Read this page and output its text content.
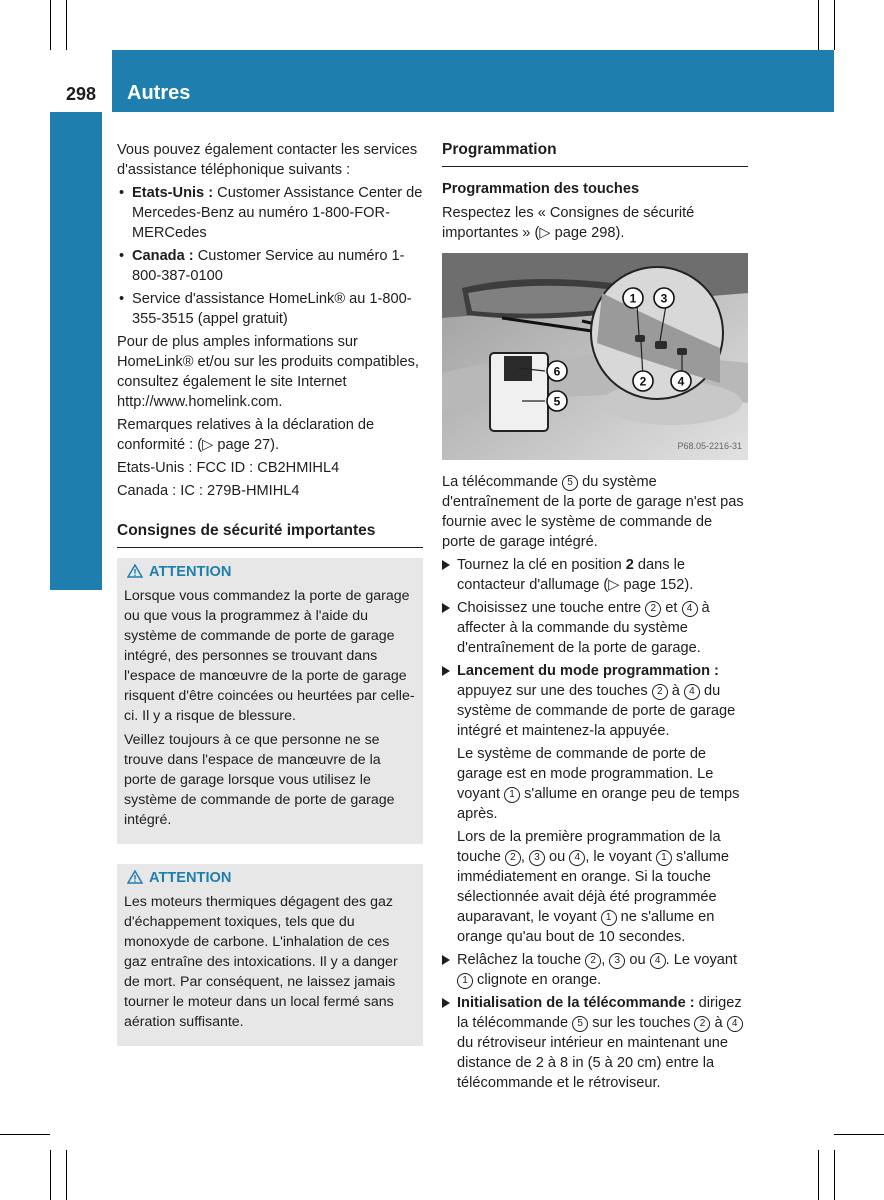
298 Autres
Rangement et autres

Vous pouvez également contacter les services d'assistance téléphonique suivants :

• Etats-Unis : Customer Assistance Center de Mercedes-Benz au numéro 1-800-FOR-MERCedes
• Canada : Customer Service au numéro 1-800-387-0100
• Service d'assistance HomeLink® au 1-800-355-3515 (appel gratuit)

Pour de plus amples informations sur HomeLink® et/ou sur les produits compatibles, consultez également le site Internet http://www.homelink.com.

Remarques relatives à la déclaration de conformité : (▷ page 27).

Etats-Unis : FCC ID : CB2HMIHL4

Canada : IC : 279B-HMIHL4

Consignes de sécurité importantes
ATTENTION

Lorsque vous commandez la porte de garage ou que vous la programmez à l'aide du système de commande de porte de garage intégré, des personnes se trouvant dans l'espace de manœuvre de la porte de garage risquent d'être coincées ou heurtées par celle-ci. Il y a risque de blessure.

Veillez toujours à ce que personne ne se trouve dans l'espace de manœuvre de la porte de garage lorsque vous utilisez le système de commande de porte de garage intégré.

ATTENTION

Les moteurs thermiques dégagent des gaz d'échappement toxiques, tels que du monoxyde de carbone. L'inhalation de ces gaz entraîne des intoxications. Il y a danger de mort. Par conséquent, ne laissez jamais tourner le moteur dans un local fermé sans aération suffisante.

Programmation
Programmation des touches

Respectez les « Consignes de sécurité importantes » (▷ page 298).

1 3
2	4
6
5
P68.05-2216-31

La télécommande 5 du système d'entraînement de la porte de garage n'est pas fournie avec le système de commande de porte de garage intégré.

Tournez la clé en position 2 dans le contacteur d'allumage (▷ page 152).
Choisissez une touche entre 2 et 4 à affecter à la commande du système d'entraînement de la porte de garage.
Lancement du mode programmation : appuyez sur une des touches 2 à 4 du système de commande de porte de garage intégré et maintenez-la appuyée.
Le système de commande de porte de garage est en mode programmation. Le voyant 1 s'allume en orange peu de temps après.
Lors de la première programmation de la touche 2 , 3 ou 4 , le voyant 1 s'allume immédiatement en orange. Si la touche sélectionnée avait déjà été programmée auparavant, le voyant 1 ne s'allume en orange qu'au bout de 10 secondes.
Relâchez la touche 2 , 3 ou 4 . Le voyant 1 clignote en orange.
Initialisation de la télécommande : dirigez la télécommande 5 sur les touches 2 à 4 du rétroviseur intérieur en maintenant une distance de 2 à 8 in (5 à 20 cm) entre la télécommande et le rétroviseur.
